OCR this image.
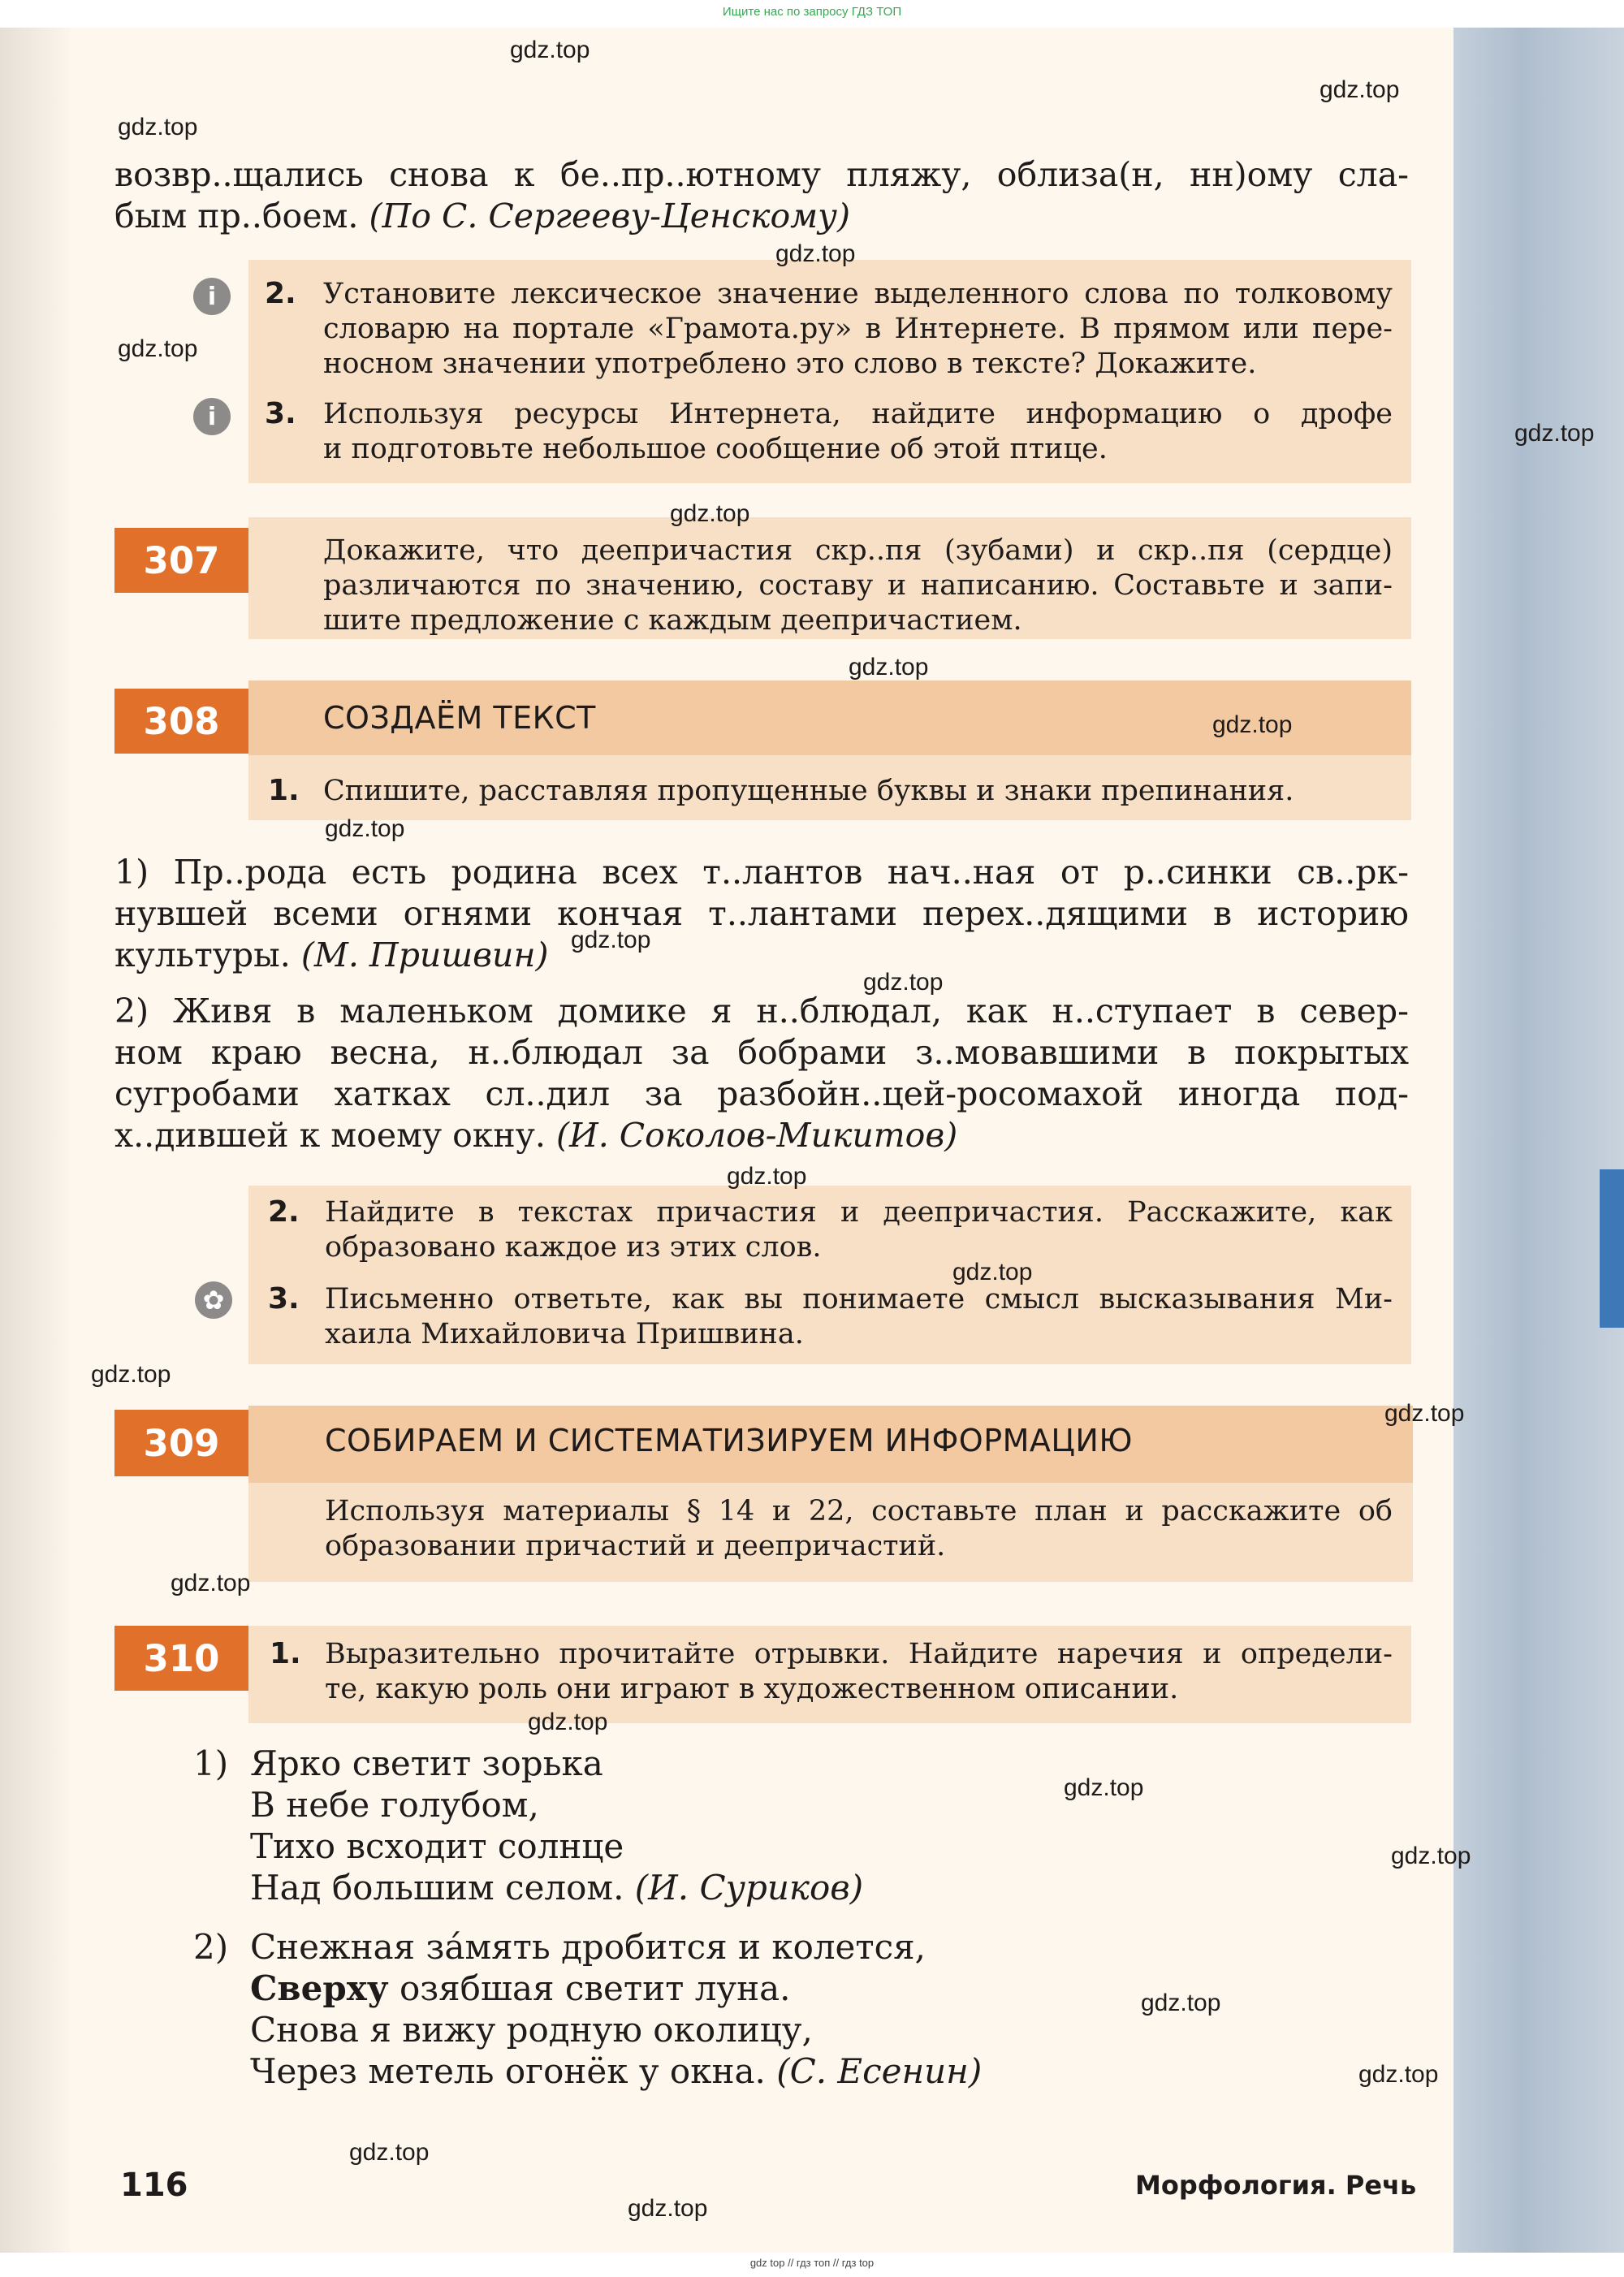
Ищите нас по запросу ГДЗ ТОП

возвр..щались снова к бе..пр..ютному пляжу, облиза(н, нн)ому сла-

бым пр..боем. (По С. Сергееву-Ценскому)

i	2. Установите лексическое значение выделенного слова по толковому

словарю на портале «Грамота.ру» в Интернете. В прямом или пере-

носном значении употреблено это слово в тексте? Докажите.

i	3. Используя ресурсы Интернета, найдите информацию о дрофе

и подготовьте небольшое сообщение об этой птице.

307	Докажите, что деепричастия скр..пя (зубами) и скр..пя (сердце)

различаются по значению, составу и написанию. Составьте и запи-

шите предложение с каждым деепричастием.

308	СОЗДАЁМ ТЕКСТ
1. Спишите, расставляя пропущенные буквы и знаки препинания.

1) Пр..рода есть родина всех т..лантов нач..ная от р..синки св..рк-

нувшей всеми огнями кончая т..лантами перех..дящими в историю

культуры. (М. Пришвин)

2) Живя в маленьком домике я н..блюдал, как н..ступает в север-

ном краю весна, н..блюдал за бобрами з..мовавшими в покрытых

сугробами хатках сл..дил за разбойн..цей-росомахой иногда под-

х..дившей к моему окну. (И. Соколов-Микитов)

2. Найдите в текстах причастия и деепричастия. Расскажите, как

образовано каждое из этих слов.

✿ 3. Письменно ответьте, как вы понимаете смысл высказывания Ми-

хаила Михайловича Пришвина.

309	СОБИРАЕМ И СИСТЕМАТИЗИРУЕМ ИНФОРМАЦИЮ

Используя материалы § 14 и 22, составьте план и расскажите об

образовании причастий и деепричастий.

310	1. Выразительно прочитайте отрывки. Найдите наречия и определи-

те, какую роль они играют в художественном описании.

1) Ярко светит зорька

В небе голубом,

Тихо всходит солнце

Над большим селом. (И. Суриков)

2) Снежная за́мять дробится и колется,

Сверху озябшая светит луна.

Снова я вижу родную околицу,

Через метель огонёк у окна. (С. Есенин)

116	Морфология. Речь
gdz.top
gdz.top
gdz.top
gdz.top
gdz.top
gdz.top
gdz.top
gdz.top
gdz.top
gdz.top
gdz.top
gdz.top
gdz.top
gdz.top
gdz.top
gdz.top
gdz.top
gdz.top
gdz.top
gdz.top
gdz.top
gdz.top
gdz.top
gdz.top
gdz top // гдз топ // гдз top
